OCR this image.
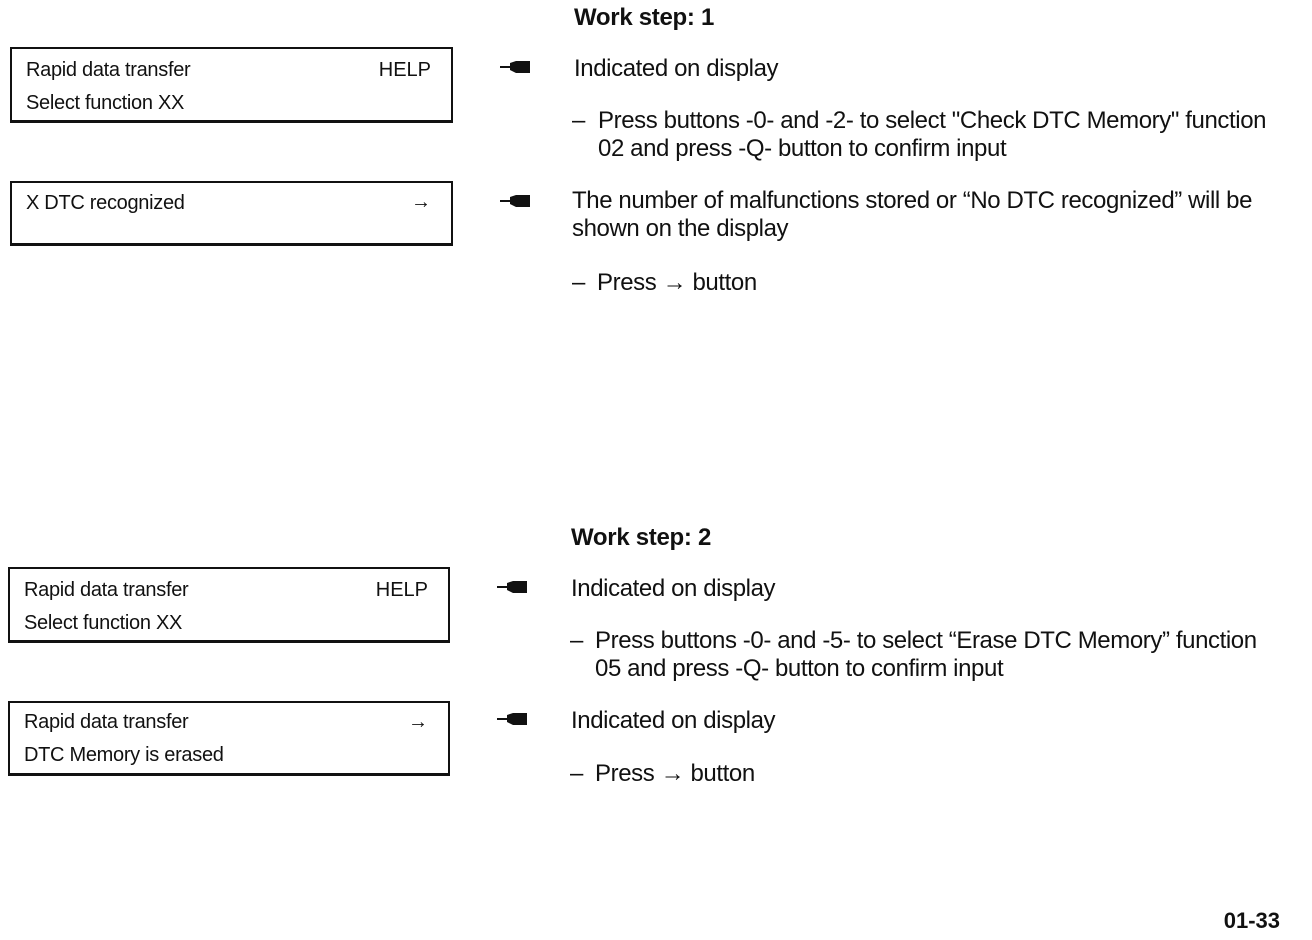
Work step: 1
Rapid data transfer	HELP
Select function XX
X DTC recognized	→
Indicated on display
– Press buttons -0- and -2- to select "Check DTC Memory" function
02 and press -Q- button to confirm input
The number of malfunctions stored or “No DTC recognized” will be
shown on the display
– Press → button
Work step: 2
Rapid data transfer	HELP
Select function XX
Rapid data transfer	→
DTC Memory is erased
Indicated on display
– Press buttons -0- and -5- to select “Erase DTC Memory” function
05 and press -Q- button to confirm input
Indicated on display
– Press → button
01-33
